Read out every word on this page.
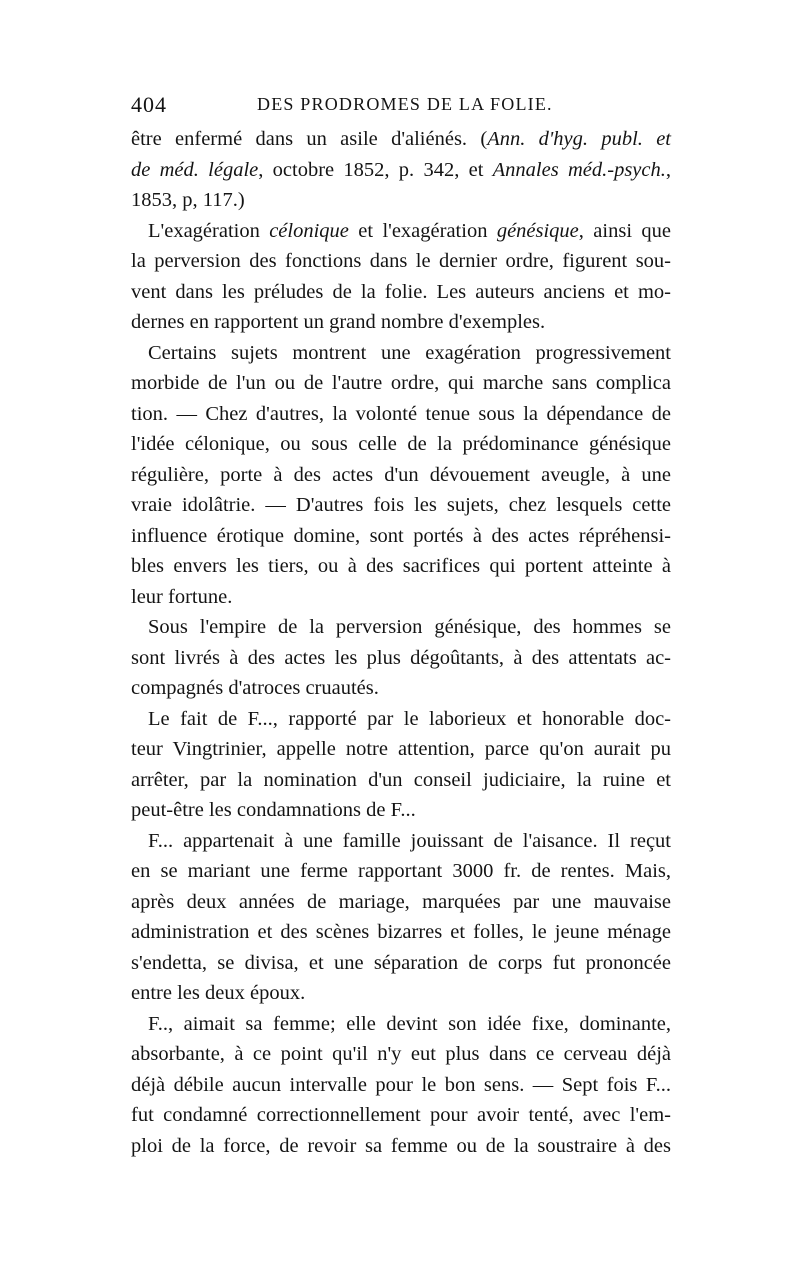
404	DES PRODROMES DE LA FOLIE.
être enfermé dans un asile d'aliénés. (Ann. d'hyg. publ. et
de méd. légale, octobre 1852, p. 342, et Annales méd.-psych.,
1853, p, 117.)
L'exagération célonique et l'exagération génésique, ainsi que
la perversion des fonctions dans le dernier ordre, figurent sou-
vent dans les préludes de la folie. Les auteurs anciens et mo-
dernes en rapportent un grand nombre d'exemples.
Certains sujets montrent une exagération progressivement
morbide de l'un ou de l'autre ordre, qui marche sans complica
tion. — Chez d'autres, la volonté tenue sous la dépendance de
l'idée célonique, ou sous celle de la prédominance génésique
régulière, porte à des actes d'un dévouement aveugle, à une
vraie idolâtrie. — D'autres fois les sujets, chez lesquels cette
influence érotique domine, sont portés à des actes répréhensi-
bles envers les tiers, ou à des sacrifices qui portent atteinte à
leur fortune.
Sous l'empire de la perversion génésique, des hommes se
sont livrés à des actes les plus dégoûtants, à des attentats ac-
compagnés d'atroces cruautés.
Le fait de F..., rapporté par le laborieux et honorable doc-
teur Vingtrinier, appelle notre attention, parce qu'on aurait pu
arrêter, par la nomination d'un conseil judiciaire, la ruine et
peut-être les condamnations de F...
F... appartenait à une famille jouissant de l'aisance. Il reçut
en se mariant une ferme rapportant 3000 fr. de rentes. Mais,
après deux années de mariage, marquées par une mauvaise
administration et des scènes bizarres et folles, le jeune ménage
s'endetta, se divisa, et une séparation de corps fut prononcée
entre les deux époux.
F.., aimait sa femme; elle devint son idée fixe, dominante,
absorbante, à ce point qu'il n'y eut plus dans ce cerveau déjà
déjà débile aucun intervalle pour le bon sens. — Sept fois F...
fut condamné correctionnellement pour avoir tenté, avec l'em-
ploi de la force, de revoir sa femme ou de la soustraire à des
